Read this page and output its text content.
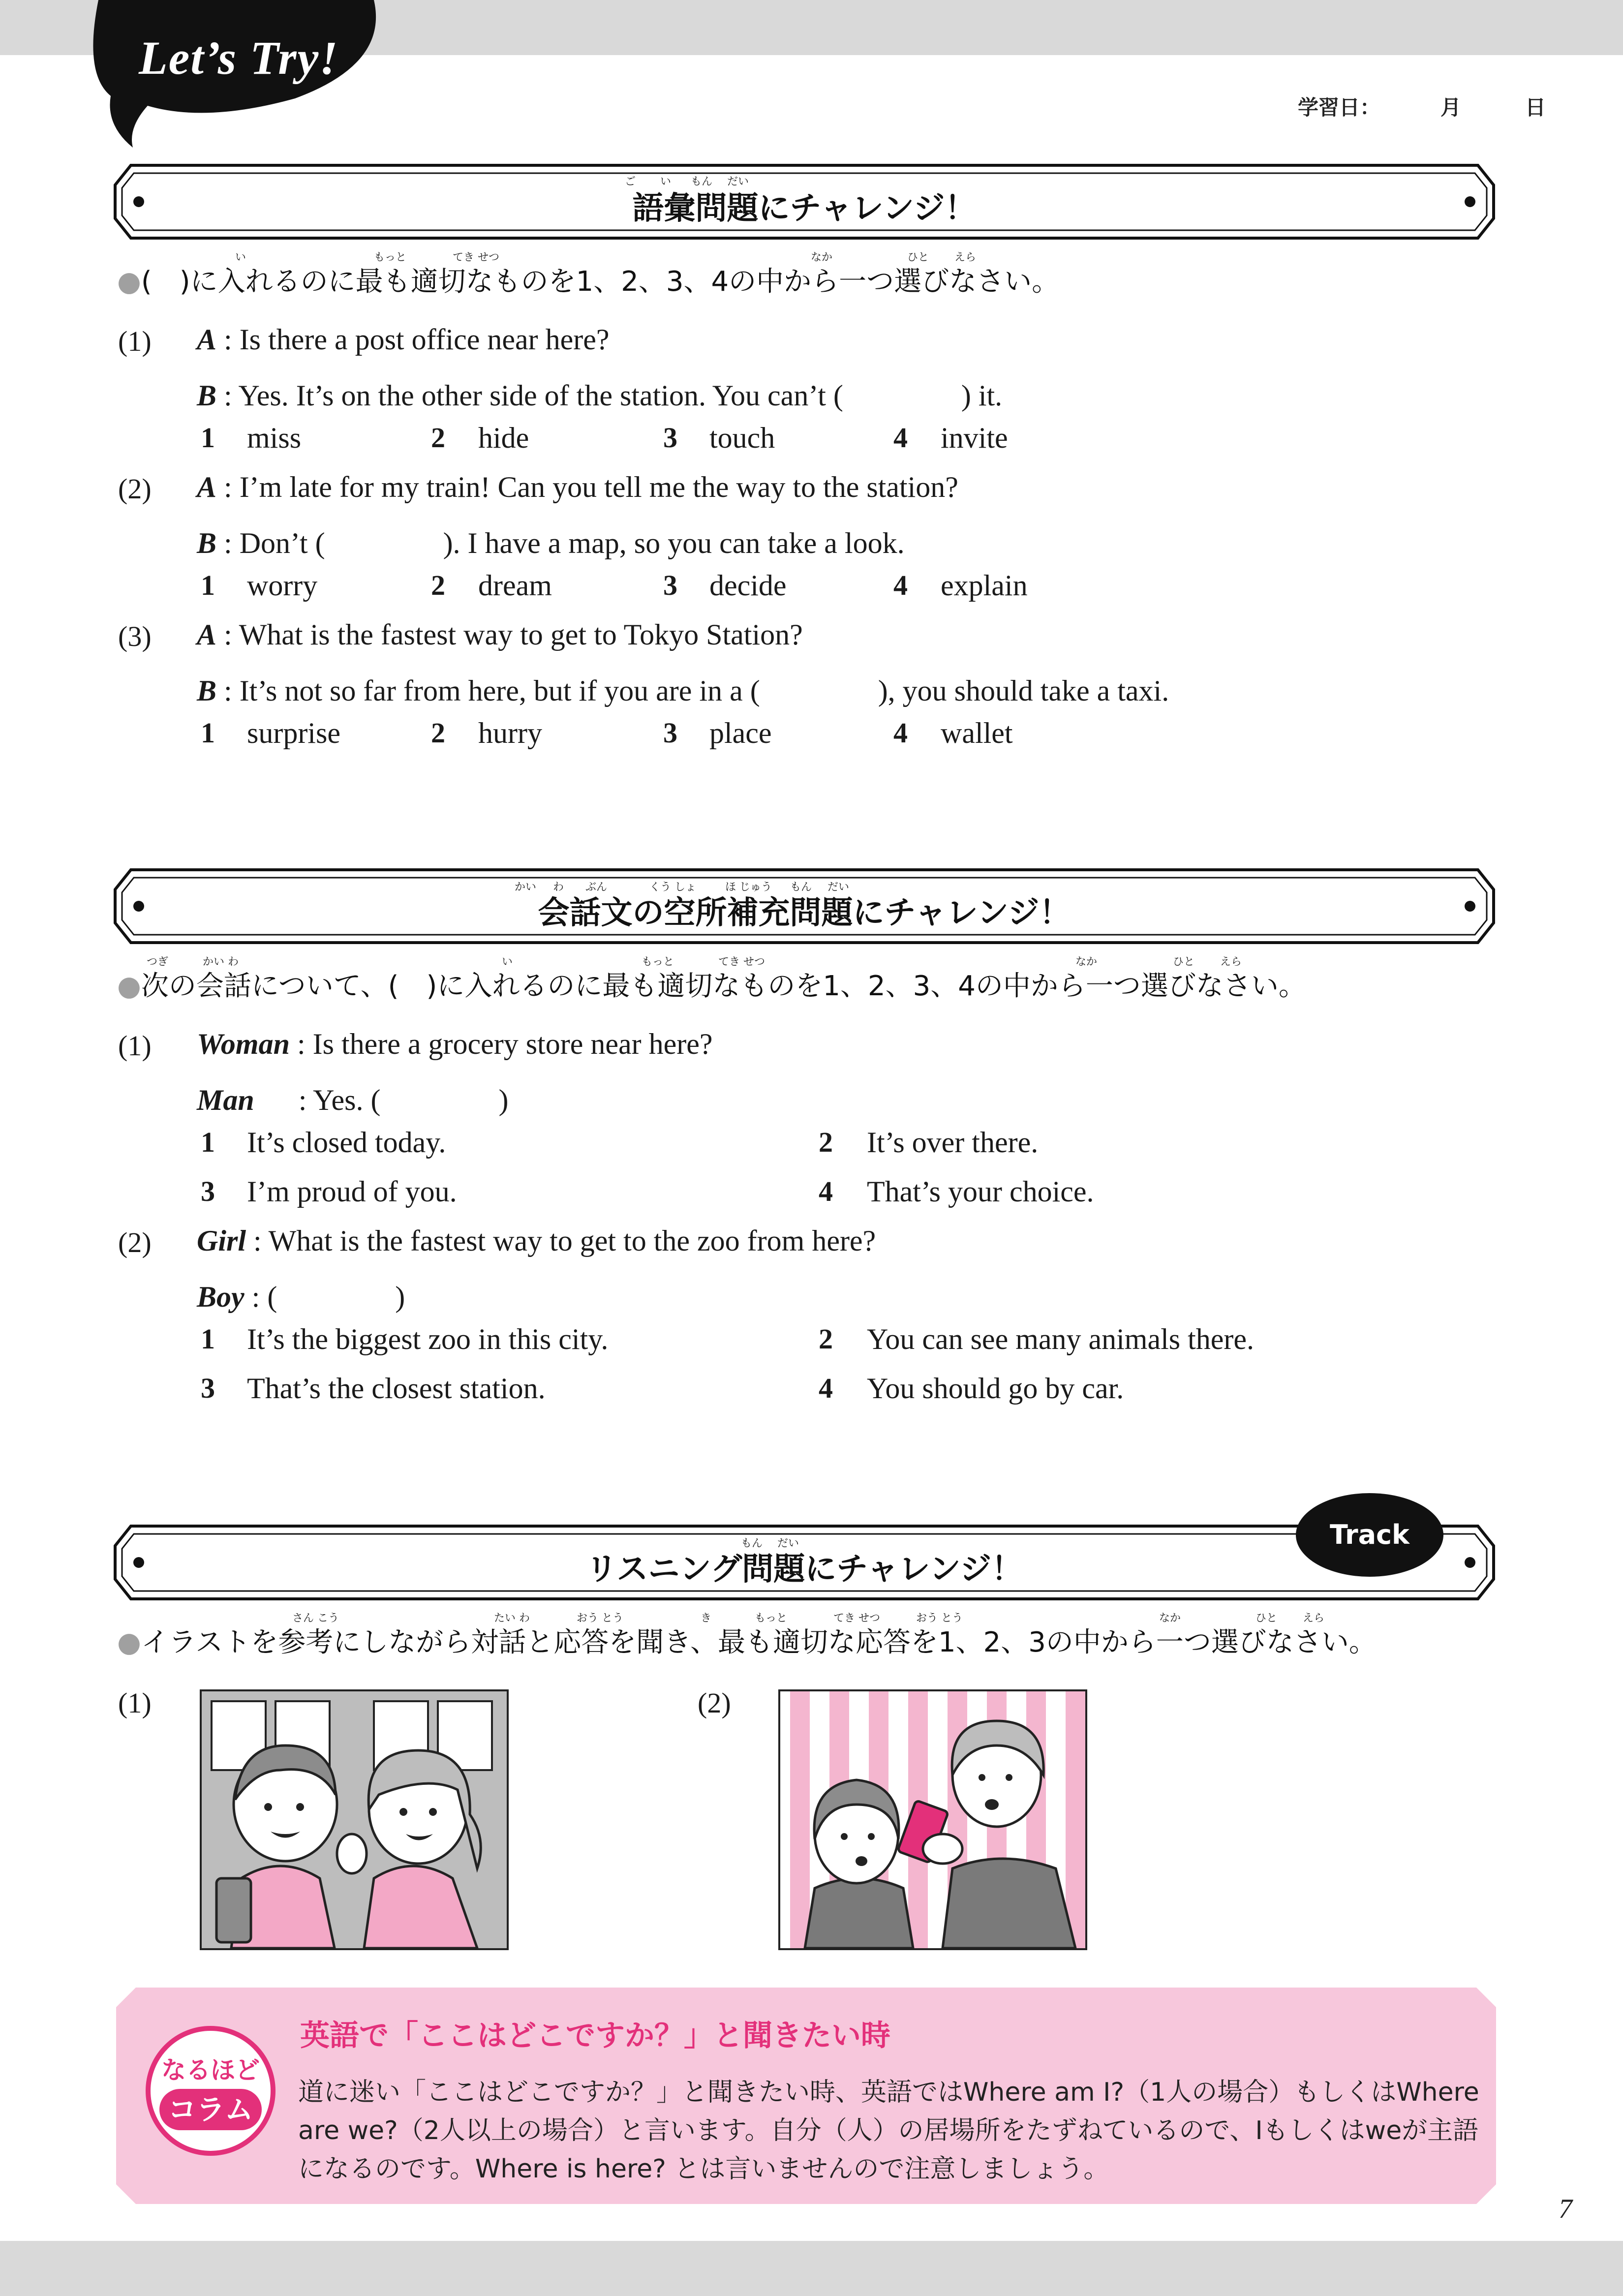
Let’s Try!
学習日：	月	日
語彙問題にチャレンジ！
ご い もん だい
い	もっと	てき せつ	なか	ひと えら
●(　)に入れるのに最も適切なものを1、2、3、4の中から一つ選びなさい。
(1) A : Is there a post office near here?
B : Yes. It’s on the other side of the station. You can’t (　　　　) it.
1 miss	2 hide	3 touch	4 invite
(2) A : I’m late for my train! Can you tell me the way to the station?
B : Don’t (　　　　). I have a map, so you can take a look.
1 worry	2 dream	3 decide	4 explain
(3) A : What is the fastest way to get to Tokyo Station?
B : It’s not so far from here, but if you are in a (　　　　), you should take a taxi.
1 surprise	2 hurry	3 place	4 wallet
会話文の空所補充問題にチャレンジ！
かい わ ぶん	くう しょ	ほ じゅう もん だい
つぎ	かい わ	い	もっと	てき せつ	なか	ひと えら
●次の会話について、(　)に入れるのに最も適切なものを1、2、3、4の中から一つ選びなさい。
(1) Woman : Is there a grocery store near here?
Man      : Yes. (　　　　)
1 It’s closed today.	2 It’s over there.
3 I’m proud of you.	4 That’s your choice.
(2) Girl : What is the fastest way to get to the zoo from here?
Boy : (　　　　)
1 It’s the biggest zoo in this city.	2 You can see many animals there.
3 That’s the closest station.	4 You should go by car.
リスニング問題にチャレンジ！
もん だい	Track No.3
さん こう	たい わ	おう とう	き	もっと	てき せつ	おう とう	なか	ひと えら
●イラストを参考にしながら対話と応答を聞き、最も適切な応答を1、2、3の中から一つ選びなさい。
(1)	(2)
なるほど
コラム
英語で「ここはどこですか？」と聞きたい時
道に迷い「ここはどこですか？」と聞きたい時、英語ではWhere am I?（1人の場合）もしくはWhere
are we?（2人以上の場合）と言います。自分（人）の居場所をたずねているので、Iもしくはweが主語
になるのです。Where is here? とは言いませんので注意しましょう。
7
